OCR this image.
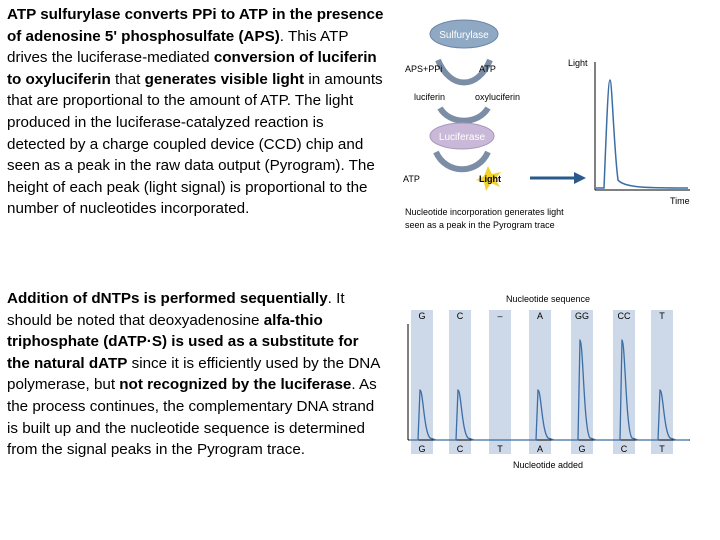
ATP sulfurylase converts PPi to ATP in the presence of adenosine 5' phosphosulfate (APS). This ATP drives the luciferase-mediated conversion of luciferin to oxyluciferin that generates visible light in amounts that are proportional to the amount of ATP. The light produced in the luciferase-catalyzed reaction is detected by a charge coupled device (CCD) chip and seen as a peak in the raw data output (Pyrogram). The height of each peak (light signal) is proportional to the number of nucleotides incorporated.
Addition of dNTPs is performed sequentially. It should be noted that deoxyadenosine alfa-thio triphosphate (dATP·S) is used as a substitute for the natural dATP since it is efficiently used by the DNA polymerase, but not recognized by the luciferase. As the process continues, the complementary DNA strand is built up and the nucleotide sequence is determined from the signal peaks in the Pyrogram trace.
Sulfurylase
APS+PPi	ATP
luciferin	oxyluciferin
Luciferase
ATP	Light
Light
Time
Nucleotide incorporation generates light
seen as a peak in the Pyrogram trace
Nucleotide sequence
G
G
C
C
–
T
A
A
GG
G
CC
C
T
T
Nucleotide added
